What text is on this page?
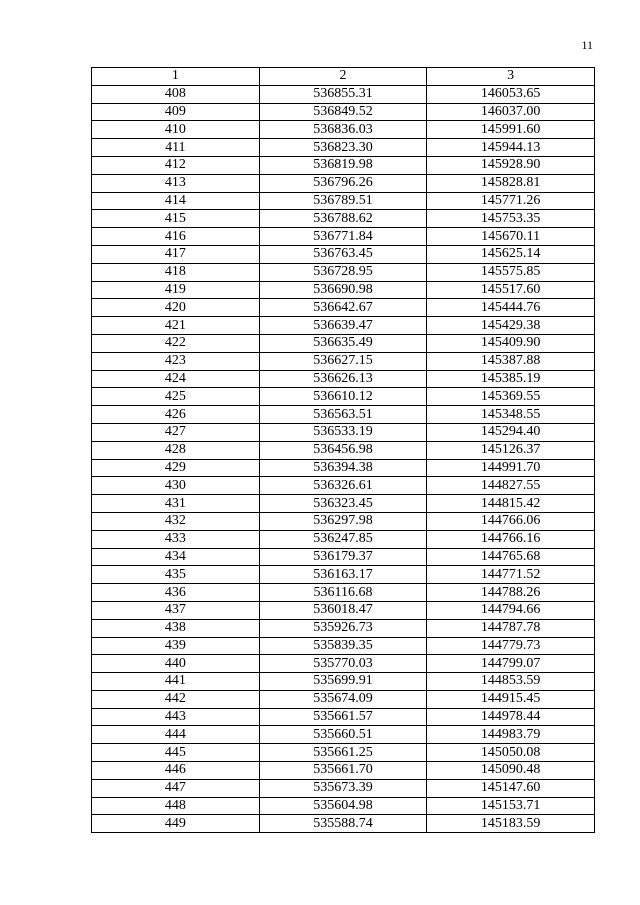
11
1	2	3
408	536855.31	146053.65
409	536849.52	146037.00
410	536836.03	145991.60
411	536823.30	145944.13
412	536819.98	145928.90
413	536796.26	145828.81
414	536789.51	145771.26
415	536788.62	145753.35
416	536771.84	145670.11
417	536763.45	145625.14
418	536728.95	145575.85
419	536690.98	145517.60
420	536642.67	145444.76
421	536639.47	145429.38
422	536635.49	145409.90
423	536627.15	145387.88
424	536626.13	145385.19
425	536610.12	145369.55
426	536563.51	145348.55
427	536533.19	145294.40
428	536456.98	145126.37
429	536394.38	144991.70
430	536326.61	144827.55
431	536323.45	144815.42
432	536297.98	144766.06
433	536247.85	144766.16
434	536179.37	144765.68
435	536163.17	144771.52
436	536116.68	144788.26
437	536018.47	144794.66
438	535926.73	144787.78
439	535839.35	144779.73
440	535770.03	144799.07
441	535699.91	144853.59
442	535674.09	144915.45
443	535661.57	144978.44
444	535660.51	144983.79
445	535661.25	145050.08
446	535661.70	145090.48
447	535673.39	145147.60
448	535604.98	145153.71
449	535588.74	145183.59
